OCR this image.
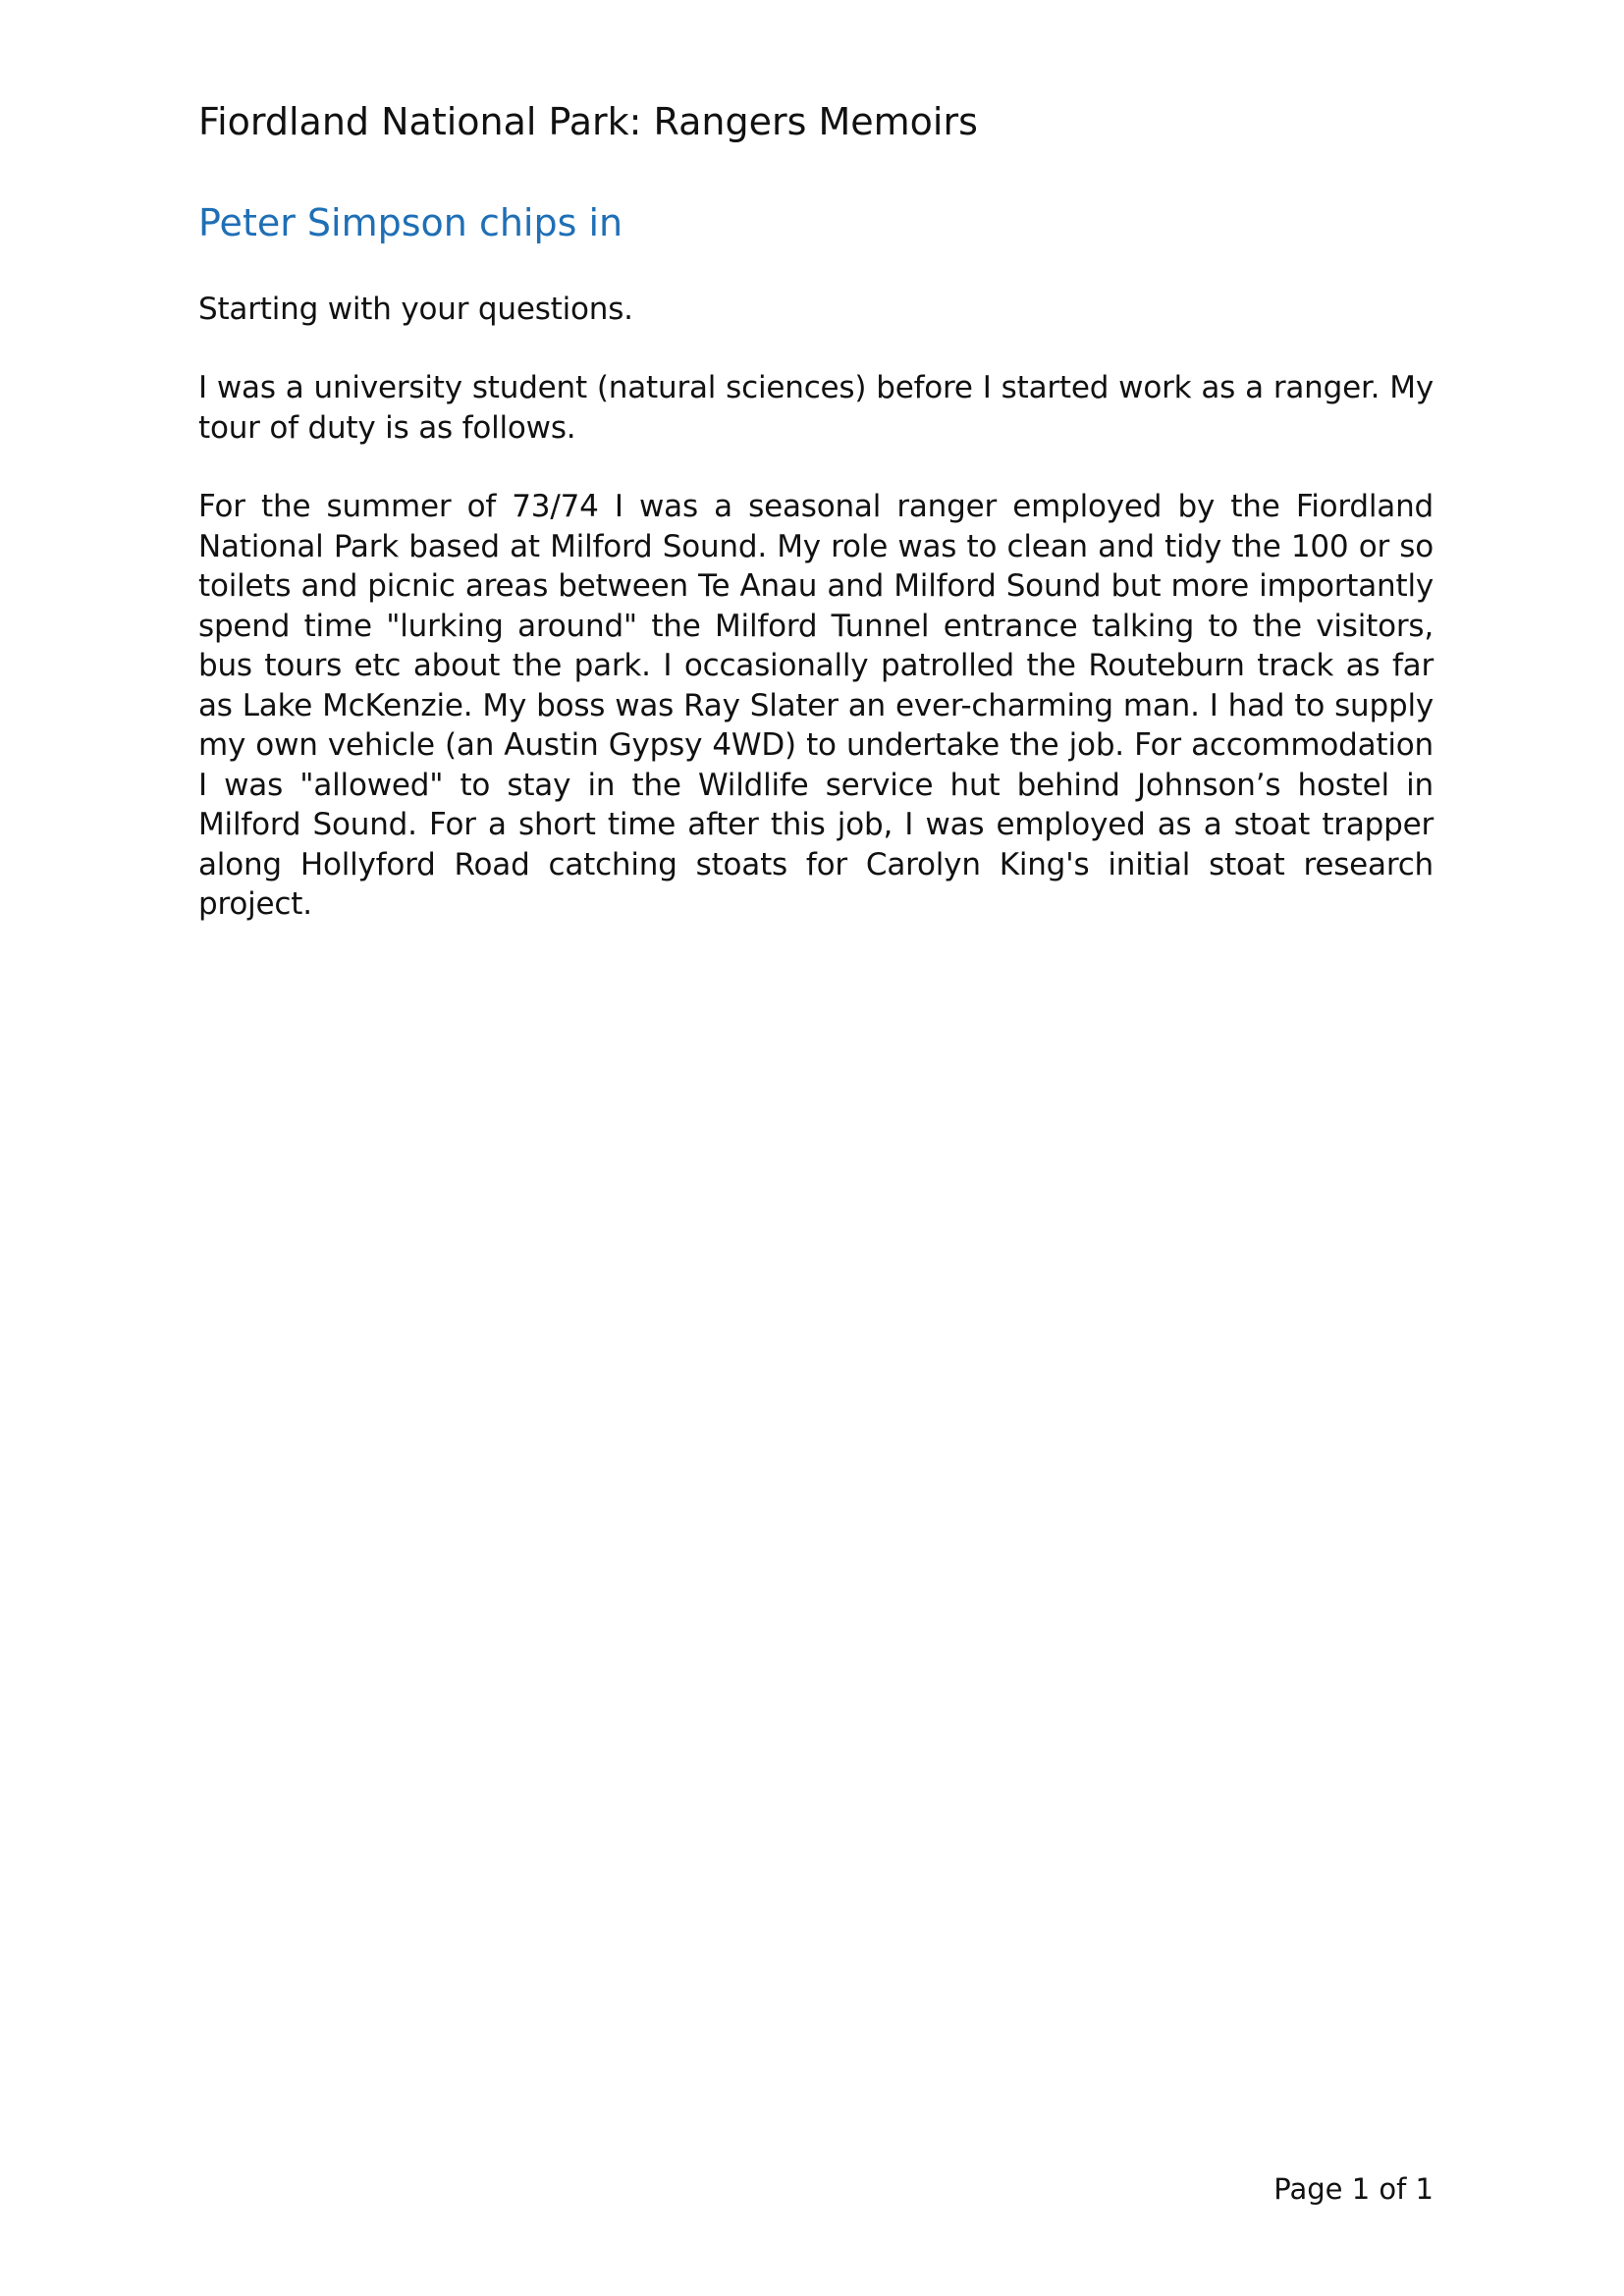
Fiordland National Park: Rangers Memoirs
Peter Simpson chips in

Starting with your questions.

I was a university student (natural sciences) before I started work as a ranger. My tour of duty is as follows.

For the summer of 73/74 I was a seasonal ranger employed by the Fiordland National Park based at Milford Sound. My role was to clean and tidy the 100 or so toilets and picnic areas between Te Anau and Milford Sound but more importantly spend time "lurking around" the Milford Tunnel entrance talking to the visitors, bus tours etc about the park. I occasionally patrolled the Routeburn track as far as Lake McKenzie. My boss was Ray Slater an ever-charming man. I had to supply my own vehicle (an Austin Gypsy 4WD) to undertake the job. For accommodation I was "allowed" to stay in the Wildlife service hut behind Johnson’s hostel in Milford Sound. For a short time after this job, I was employed as a stoat trapper along Hollyford Road catching stoats for Carolyn King's initial stoat research project.

Page 1 of 1
